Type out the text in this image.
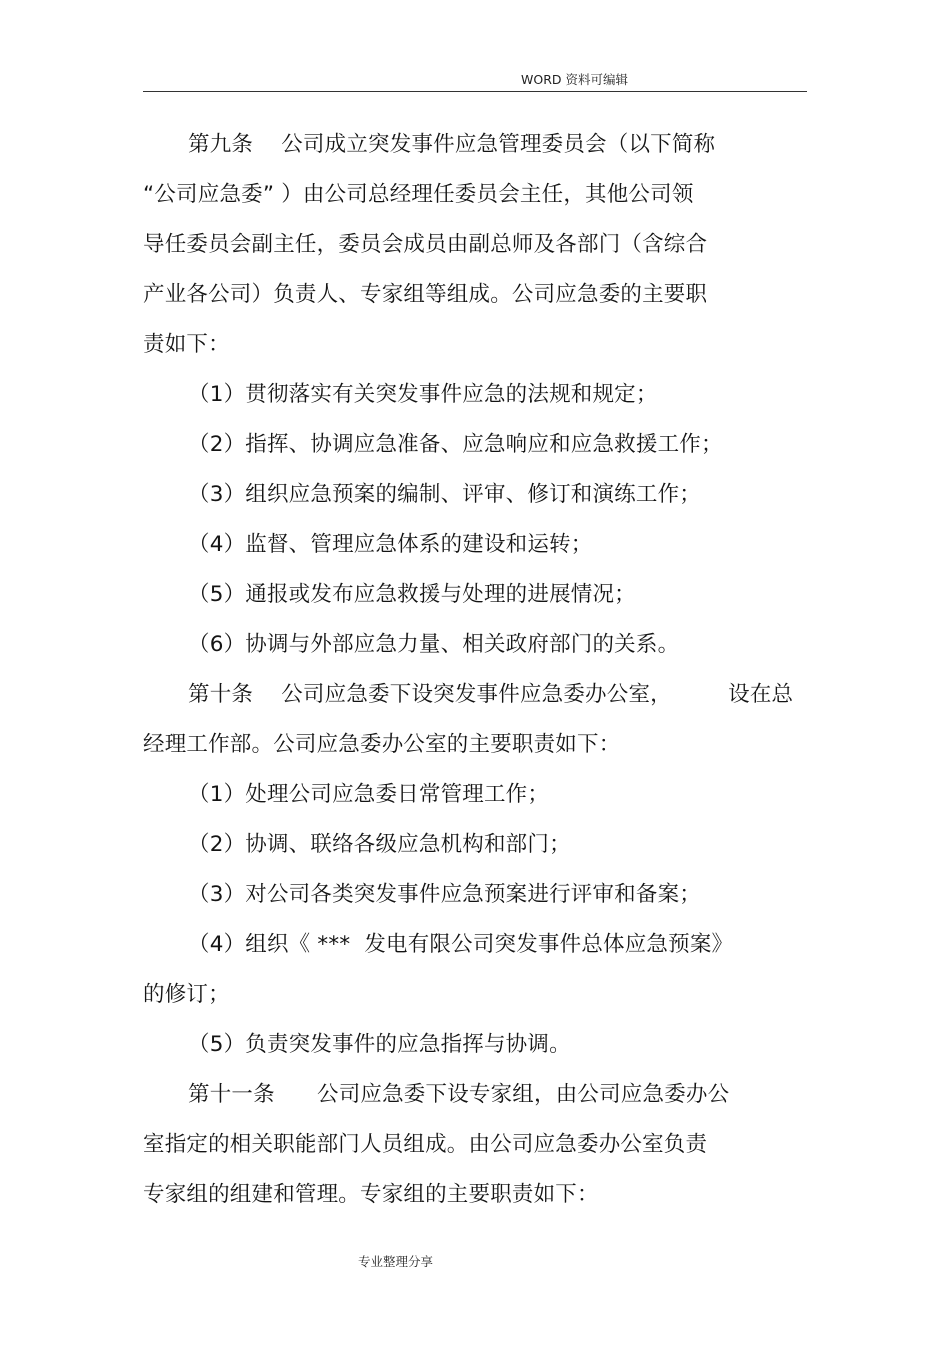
WORD 资料可编辑
第九条    公司成立突发事件应急管理委员会（以下简称
“公司应急委” ）由公司总经理任委员会主任，其他公司领
导任委员会副主任，委员会成员由副总师及各部门（含综合
产业各公司）负责人、专家组等组成。公司应急委的主要职
责如下：
（1）贯彻落实有关突发事件应急的法规和规定；
（2）指挥、协调应急准备、应急响应和应急救援工作；
（3）组织应急预案的编制、评审、修订和演练工作；
（4）监督、管理应急体系的建设和运转；
（5）通报或发布应急救援与处理的进展情况；
（6）协调与外部应急力量、相关政府部门的关系。
第十条    公司应急委下设突发事件应急委办公室，        设在总
经理工作部。公司应急委办公室的主要职责如下：
（1）处理公司应急委日常管理工作；
（2）协调、联络各级应急机构和部门；
（3）对公司各类突发事件应急预案进行评审和备案；
（4）组织《 ***  发电有限公司突发事件总体应急预案》
的修订；
（5）负责突发事件的应急指挥与协调。
第十一条      公司应急委下设专家组，由公司应急委办公
室指定的相关职能部门人员组成。由公司应急委办公室负责
专家组的组建和管理。专家组的主要职责如下：
专业整理分享
